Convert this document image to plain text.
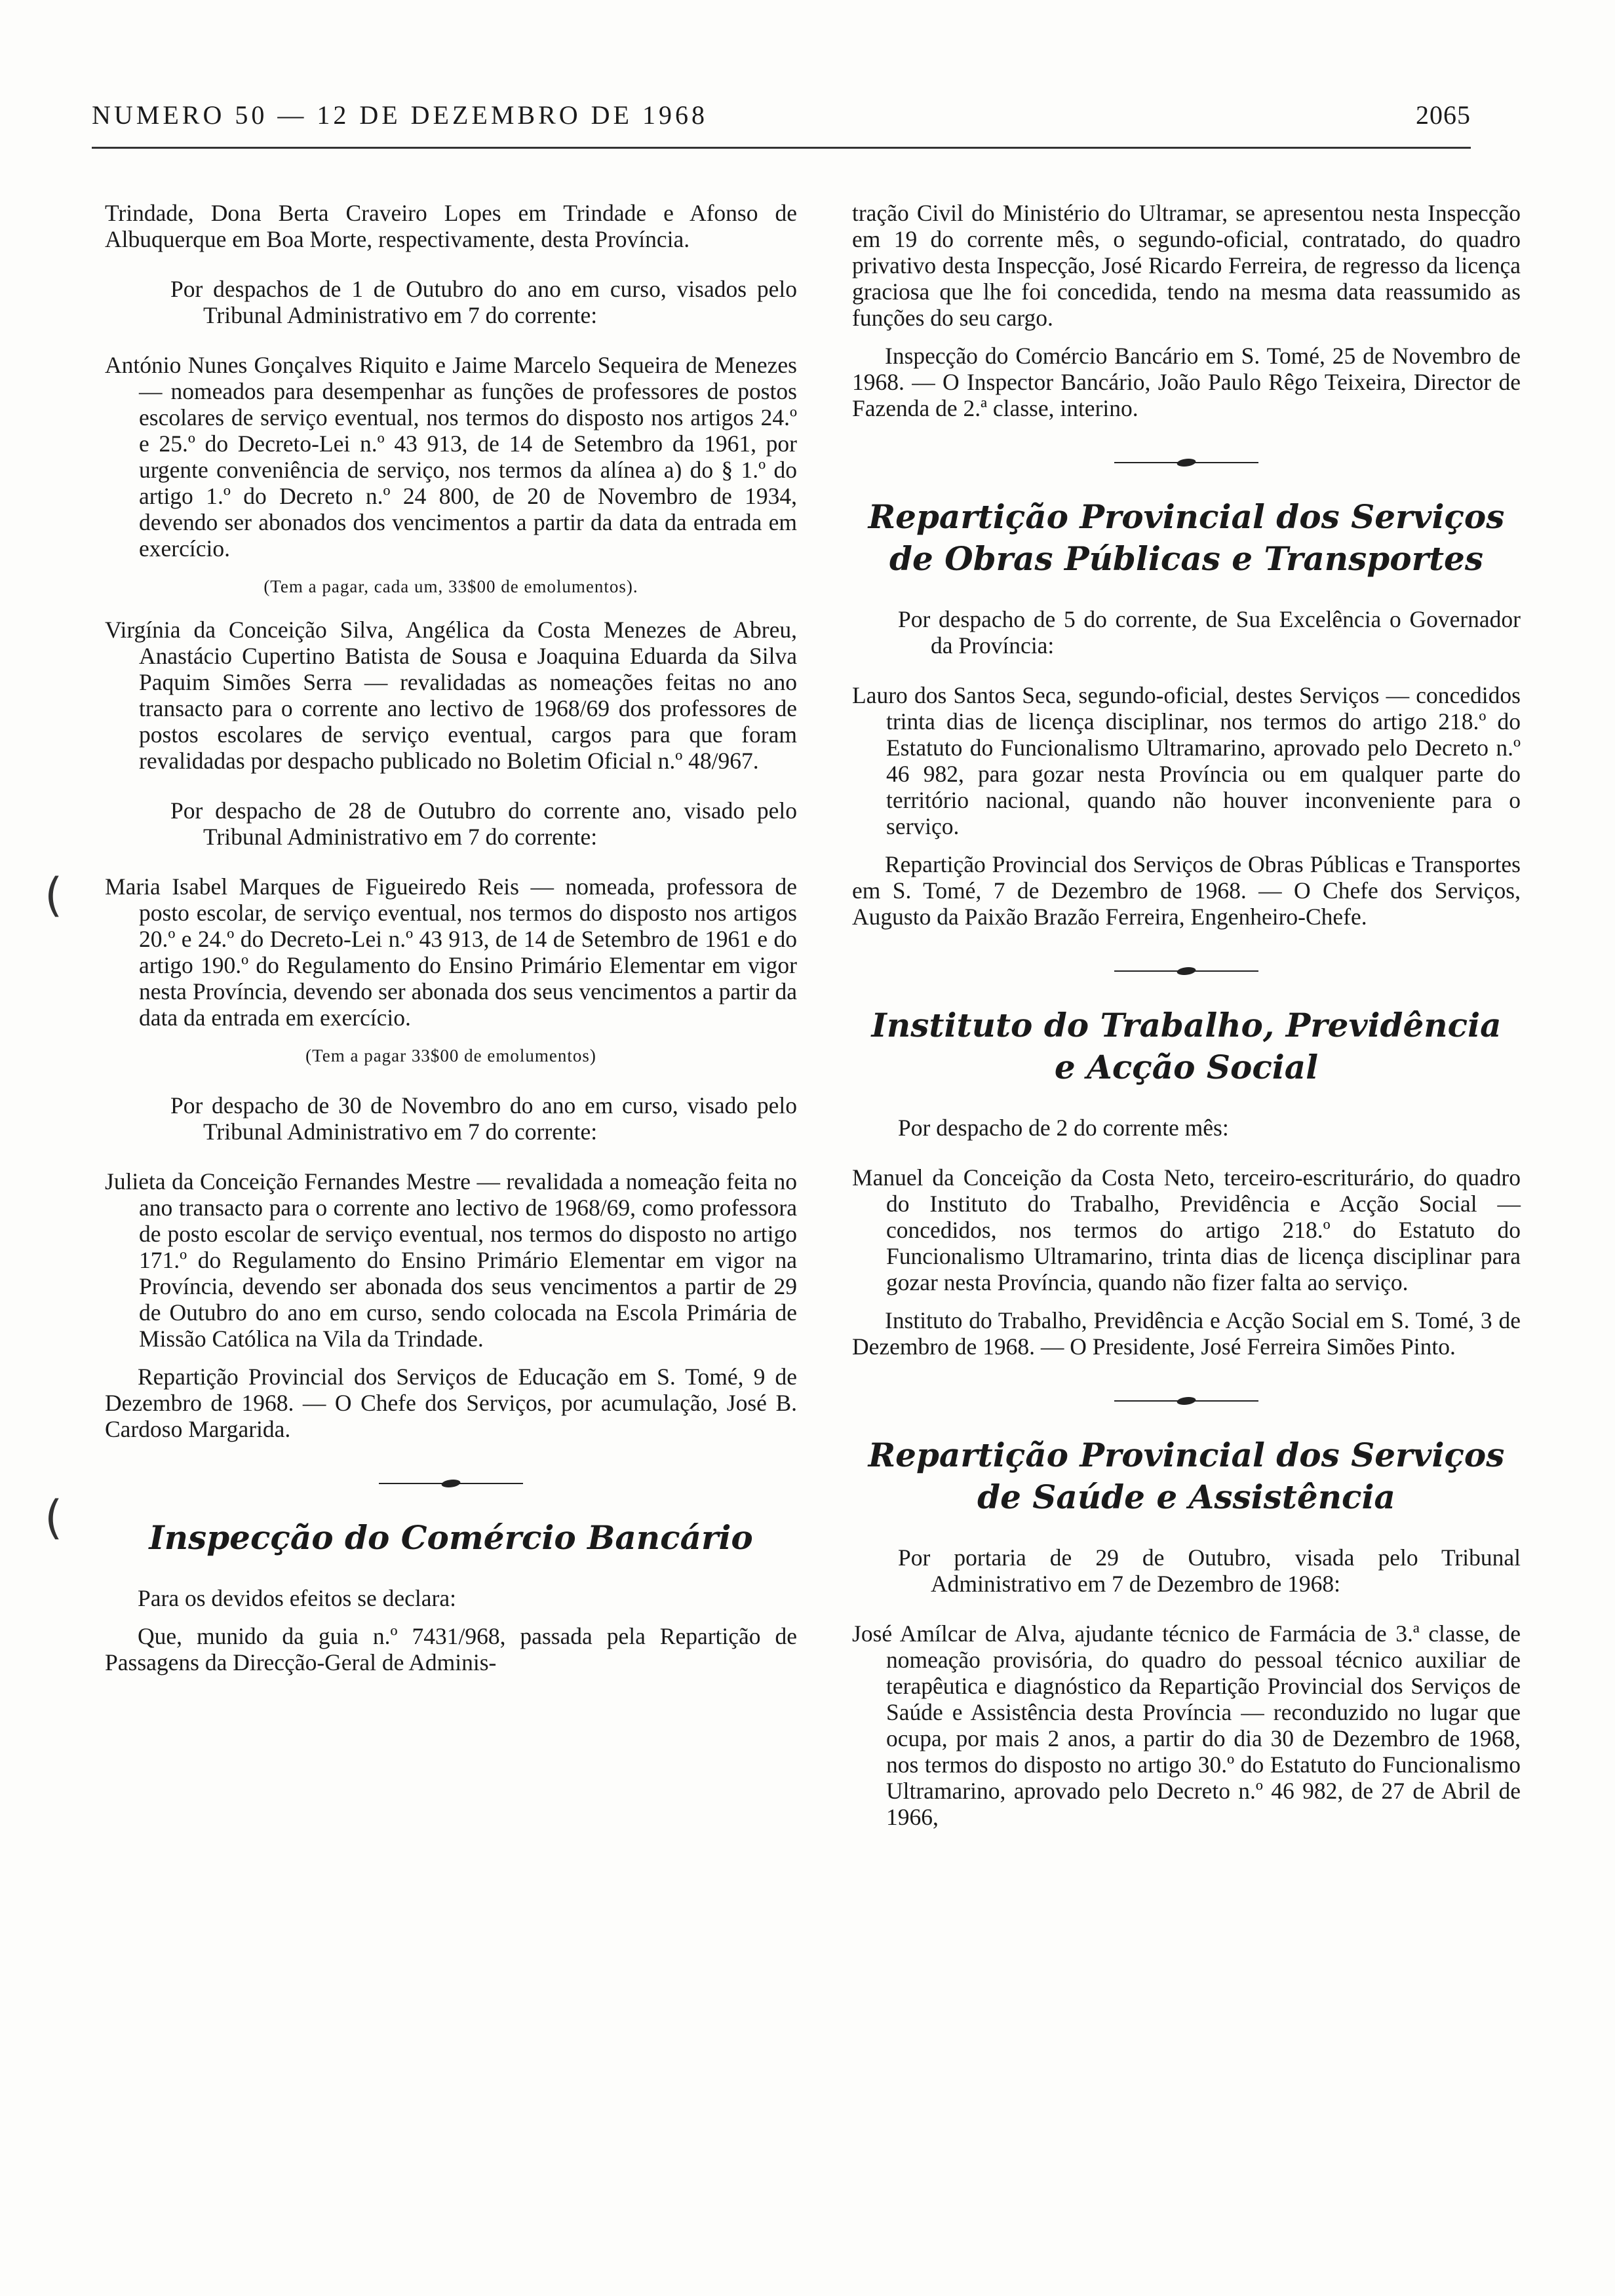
NUMERO 50 — 12 DE DEZEMBRO DE 1968	2065
(
(

Trindade, Dona Berta Craveiro Lopes em Trindade e Afonso de Albuquerque em Boa Morte, respectivamente, desta Província.

Por despachos de 1 de Outubro do ano em curso, visados pelo Tribunal Administrativo em 7 do corrente:

António Nunes Gonçalves Riquito e Jaime Marcelo Sequeira de Menezes — nomeados para desempenhar as funções de professores de postos escolares de serviço eventual, nos termos do disposto nos artigos 24.º e 25.º do Decreto-Lei n.º 43 913, de 14 de Setembro da 1961, por urgente conveniência de serviço, nos termos da alínea a) do § 1.º do artigo 1.º do Decreto n.º 24 800, de 20 de Novembro de 1934, devendo ser abonados dos vencimentos a partir da data da entrada em exercício.

(Tem a pagar, cada um, 33$00 de emolumentos).

Virgínia da Conceição Silva, Angélica da Costa Menezes de Abreu, Anastácio Cupertino Batista de Sousa e Joaquina Eduarda da Silva Paquim Simões Serra — revalidadas as nomeações feitas no ano transacto para o corrente ano lectivo de 1968/69 dos professores de postos escolares de serviço eventual, cargos para que foram revalidadas por despacho publicado no Boletim Oficial n.º 48/967.

Por despacho de 28 de Outubro do corrente ano, visado pelo Tribunal Administrativo em 7 do corrente:

Maria Isabel Marques de Figueiredo Reis — nomeada, professora de posto escolar, de serviço eventual, nos termos do disposto nos artigos 20.º e 24.º do Decreto-Lei n.º 43 913, de 14 de Setembro de 1961 e do artigo 190.º do Regulamento do Ensino Primário Elementar em vigor nesta Província, devendo ser abonada dos seus vencimentos a partir da data da entrada em exercício.

(Tem a pagar 33$00 de emolumentos)

Por despacho de 30 de Novembro do ano em curso, visado pelo Tribunal Administrativo em 7 do corrente:

Julieta da Conceição Fernandes Mestre — revalidada a nomeação feita no ano transacto para o corrente ano lectivo de 1968/69, como professora de posto escolar de serviço eventual, nos termos do disposto no artigo 171.º do Regulamento do Ensino Primário Elementar em vigor na Província, devendo ser abonada dos seus vencimentos a partir de 29 de Outubro do ano em curso, sendo colocada na Escola Primária de Missão Católica na Vila da Trindade.

Repartição Provincial dos Serviços de Educação em S. Tomé, 9 de Dezembro de 1968. — O Chefe dos Serviços, por acumulação, José B. Cardoso Margarida.

Inspecção do Comércio Bancário

Para os devidos efeitos se declara:

Que, munido da guia n.º 7431/968, passada pela Repartição de Passagens da Direcção-Geral de Adminis-

tração Civil do Ministério do Ultramar, se apresentou nesta Inspecção em 19 do corrente mês, o segundo-oficial, contratado, do quadro privativo desta Inspecção, José Ricardo Ferreira, de regresso da licença graciosa que lhe foi concedida, tendo na mesma data reassumido as funções do seu cargo.

Inspecção do Comércio Bancário em S. Tomé, 25 de Novembro de 1968. — O Inspector Bancário, João Paulo Rêgo Teixeira, Director de Fazenda de 2.ª classe, interino.

Repartição Provincial dos Serviços
de Obras Públicas e Transportes
Por despacho de 5 do corrente, de Sua Excelência o Governador da Província:

Lauro dos Santos Seca, segundo-oficial, destes Serviços — concedidos trinta dias de licença disciplinar, nos termos do artigo 218.º do Estatuto do Funcionalismo Ultramarino, aprovado pelo Decreto n.º 46 982, para gozar nesta Província ou em qualquer parte do território nacional, quando não houver inconveniente para o serviço.

Repartição Provincial dos Serviços de Obras Públicas e Transportes em S. Tomé, 7 de Dezembro de 1968. — O Chefe dos Serviços, Augusto da Paixão Brazão Ferreira, Engenheiro-Chefe.

Instituto do Trabalho, Previdência
e Acção Social
Por despacho de 2 do corrente mês:

Manuel da Conceição da Costa Neto, terceiro-escriturário, do quadro do Instituto do Trabalho, Previdência e Acção Social — concedidos, nos termos do artigo 218.º do Estatuto do Funcionalismo Ultramarino, trinta dias de licença disciplinar para gozar nesta Província, quando não fizer falta ao serviço.

Instituto do Trabalho, Previdência e Acção Social em S. Tomé, 3 de Dezembro de 1968. — O Presidente, José Ferreira Simões Pinto.

Repartição Provincial dos Serviços
de Saúde e Assistência
Por portaria de 29 de Outubro, visada pelo Tribunal Administrativo em 7 de Dezembro de 1968:

José Amílcar de Alva, ajudante técnico de Farmácia de 3.ª classe, de nomeação provisória, do quadro do pessoal técnico auxiliar de terapêutica e diagnóstico da Repartição Provincial dos Serviços de Saúde e Assistência desta Província — reconduzido no lugar que ocupa, por mais 2 anos, a partir do dia 30 de Dezembro de 1968, nos termos do disposto no artigo 30.º do Estatuto do Funcionalismo Ultramarino, aprovado pelo Decreto n.º 46 982, de 27 de Abril de 1966,
